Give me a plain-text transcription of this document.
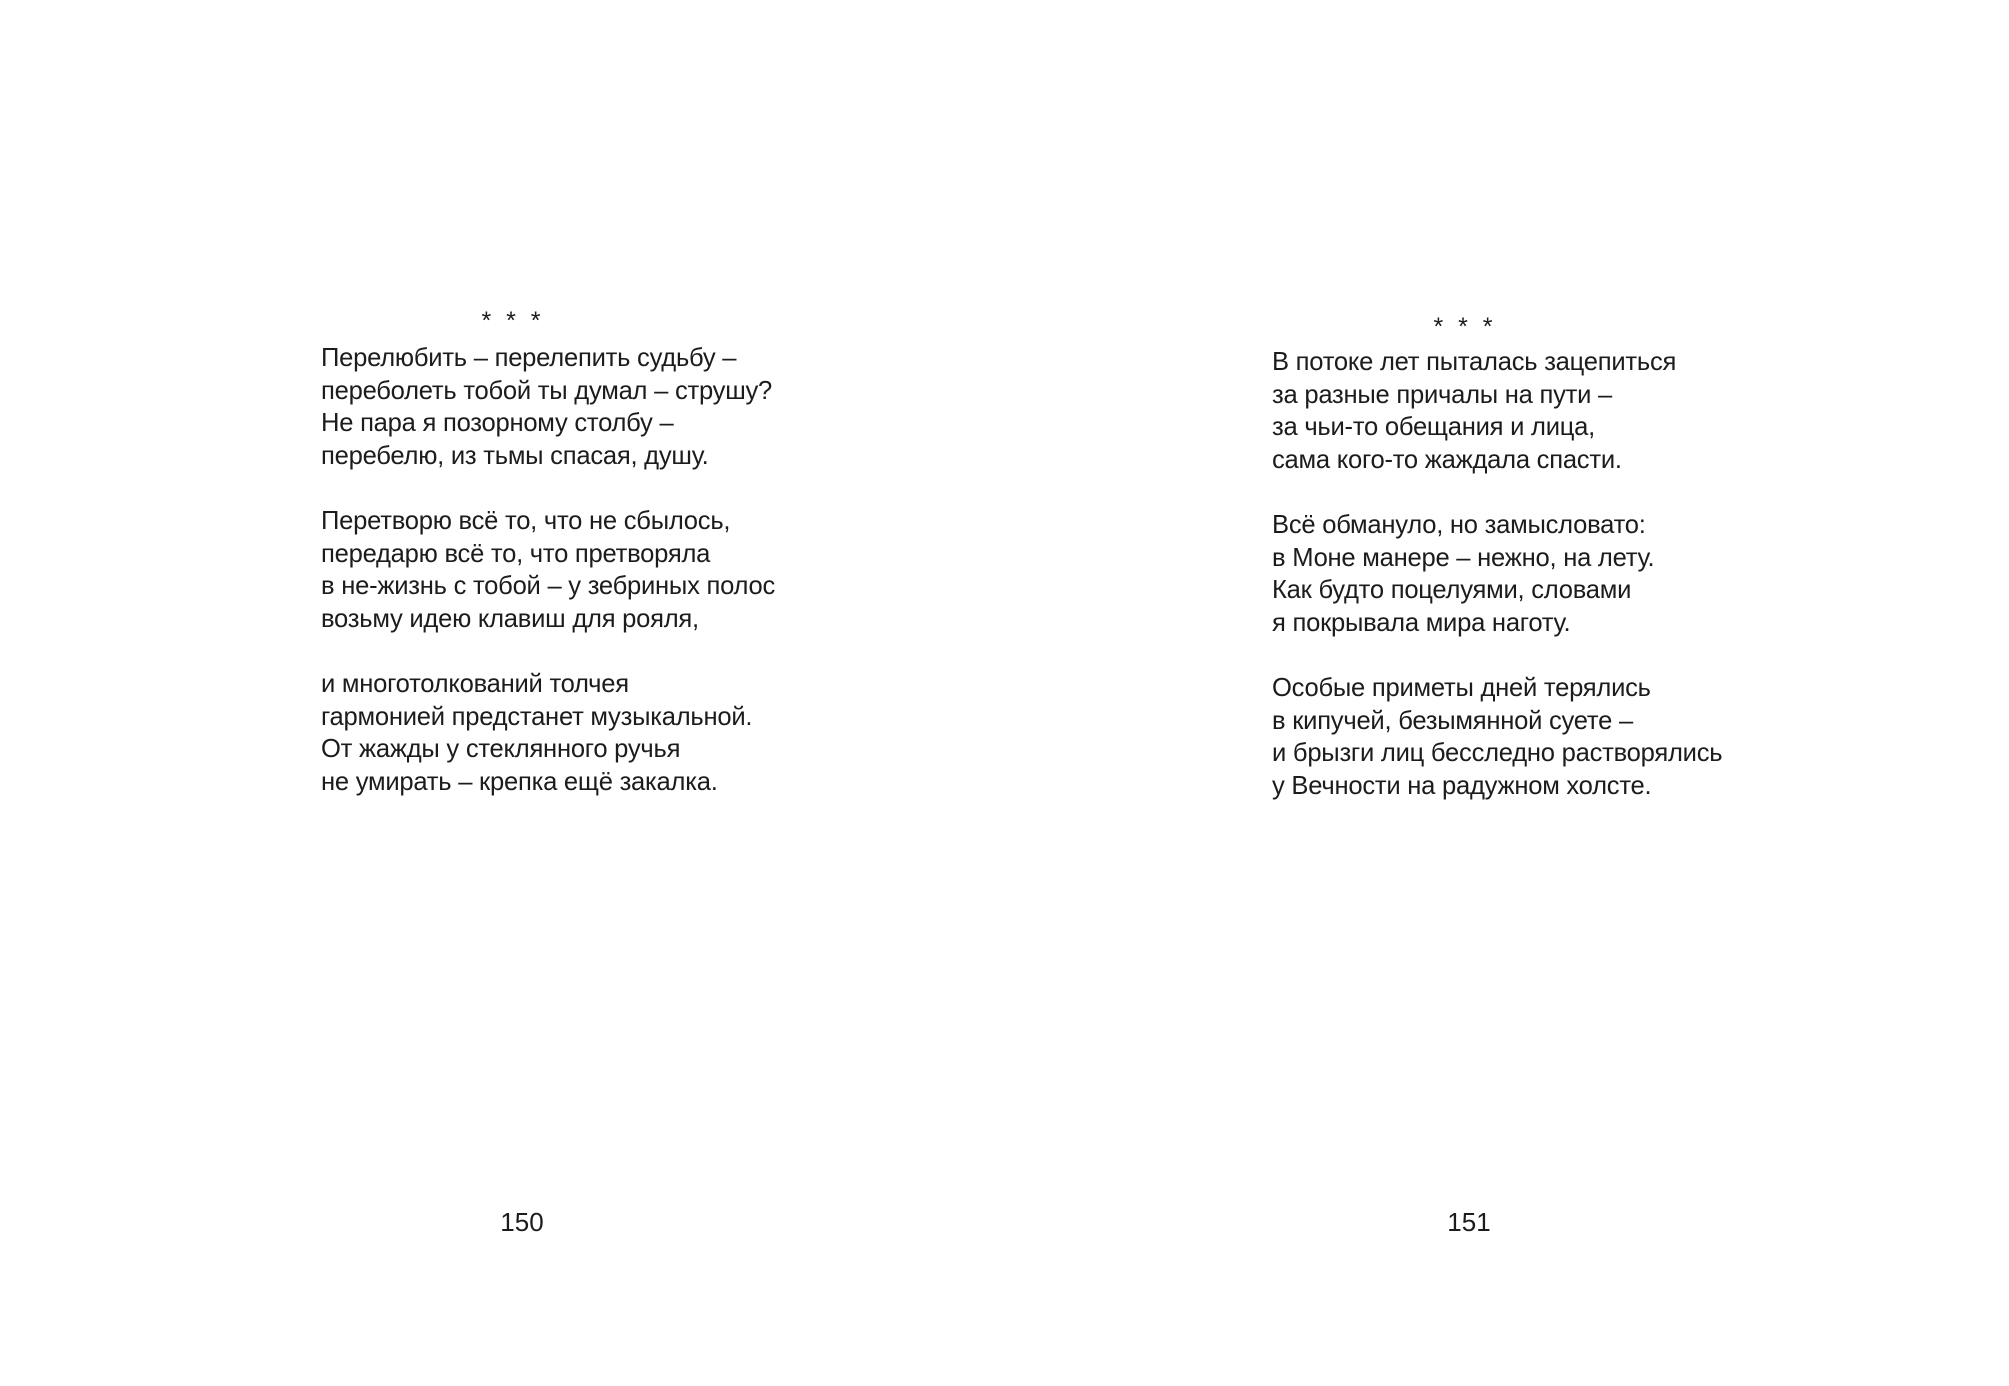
* * *

Перелюбить – перелепить судьбу –
переболеть тобой ты думал – струшу?
Не пара я позорному столбу –
перебелю, из тьмы спасая, душу.

Перетворю всё то, что не сбылось,
передарю всё то, что претворяла
в не-жизнь с тобой – у зебриных полос
возьму идею клавиш для рояля,

и многотолкований толчея
гармонией предстанет музыкальной.
От жажды у стеклянного ручья
не умирать – крепка ещё закалка.

150
* * *

В потоке лет пыталась зацепиться
за разные причалы на пути –
за чьи-то обещания и лица,
сама кого-то жаждала спасти.

Всё обмануло, но замысловато:
в Моне манере – нежно, на лету.
Как будто поцелуями, словами
я покрывала мира наготу.

Особые приметы дней терялись
в кипучей, безымянной суете –
и брызги лиц бесследно растворялись
у Вечности на радужном холсте.

151
